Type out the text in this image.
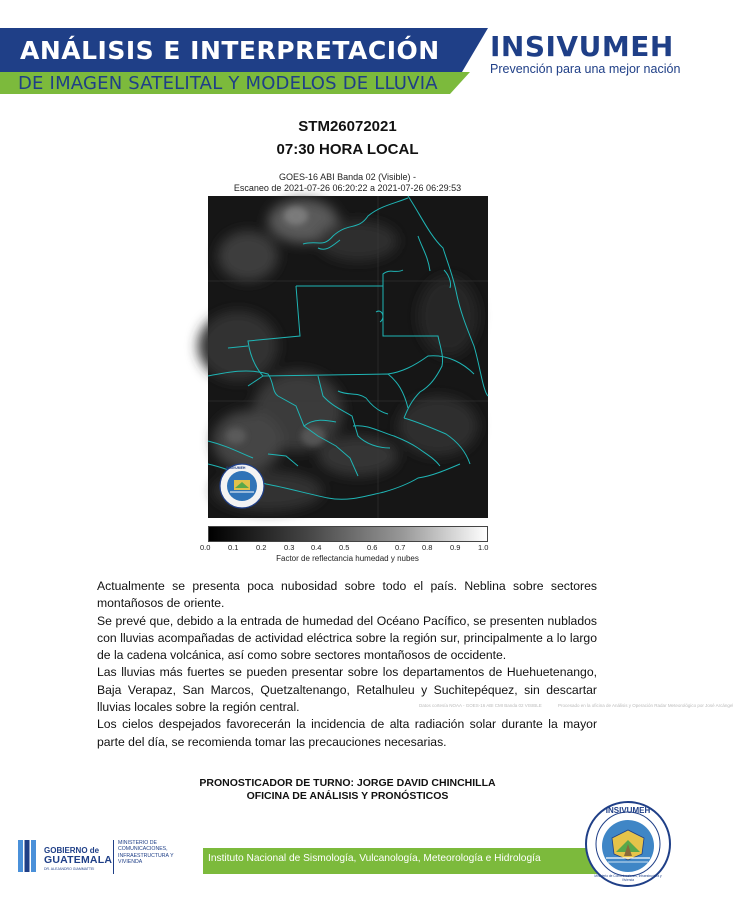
ANÁLISIS E INTERPRETACIÓN
DE IMAGEN SATELITAL Y MODELOS DE LLUVIA
INSIVUMEH
Prevención para una mejor nación
STM26072021
07:30 HORA LOCAL
GOES-16 ABI Banda 02 (Visible) -
Escaneo de 2021-07-26 06:20:22 a 2021-07-26 06:29:53
Datos cortesía NOAA - GOES-16 ABI CMI Banda 02 VISIBLE	Procesado en la oficina de Análisis y Operación Radar Meteorológico por José Arcángel
INSIVUMEH
0.0 0.1 0.2 0.3 0.4 0.5 0.6 0.7 0.8 0.9 1.0
Factor de reflectancia humedad y nubes

Actualmente se presenta poca nubosidad sobre todo el país. Neblina sobre sectores montañosos de oriente.

Se prevé que, debido a la entrada de humedad del Océano Pacífico, se presenten nublados con lluvias acompañadas de actividad eléctrica sobre la región sur, principalmente a lo largo de la cadena volcánica, así como sobre sectores montañosos de occidente.

Las lluvias más fuertes se pueden presentar sobre los departamentos de Huehuetenango, Baja Verapaz, San Marcos, Quetzaltenango, Retalhuleu y Suchitepéquez, sin descartar lluvias locales sobre la región central.

Los cielos despejados favorecerán la incidencia de alta radiación solar durante la mayor parte del día, se recomienda tomar las precauciones necesarias.

PRONOSTICADOR DE TURNO: JORGE DAVID CHINCHILLA
OFICINA DE ANÁLISIS Y PRONÓSTICOS
GOBIERNO de
GUATEMALA
DR. ALEJANDRO GIAMMATTEI
MINISTERIO DE COMUNICACIONES, INFRAESTRUCTURA Y VIVIENDA	Instituto Nacional de Sismología, Vulcanología, Meteorología e Hidrología
INSIVUMEH
Ministerio de Comunicaciones, Infraestructura y Vivienda
